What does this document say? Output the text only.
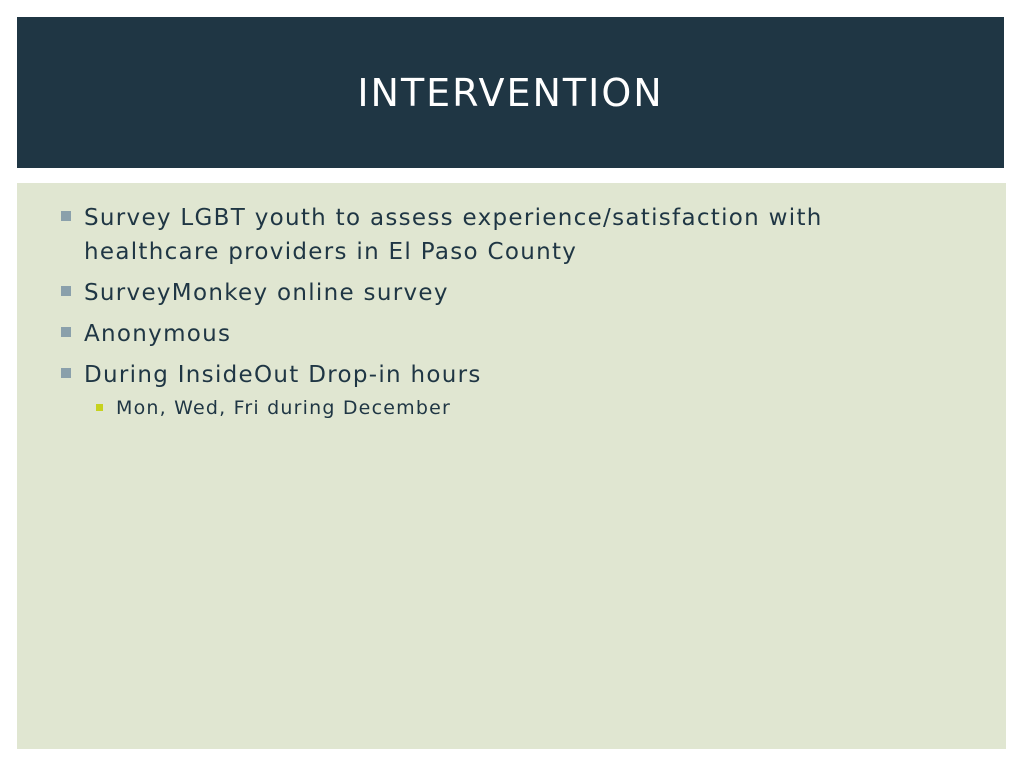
INTERVENTION
Survey LGBT youth to assess experience/satisfaction with healthcare providers in El Paso County
SurveyMonkey online survey
Anonymous
During InsideOut Drop-in hours
Mon, Wed, Fri during December
